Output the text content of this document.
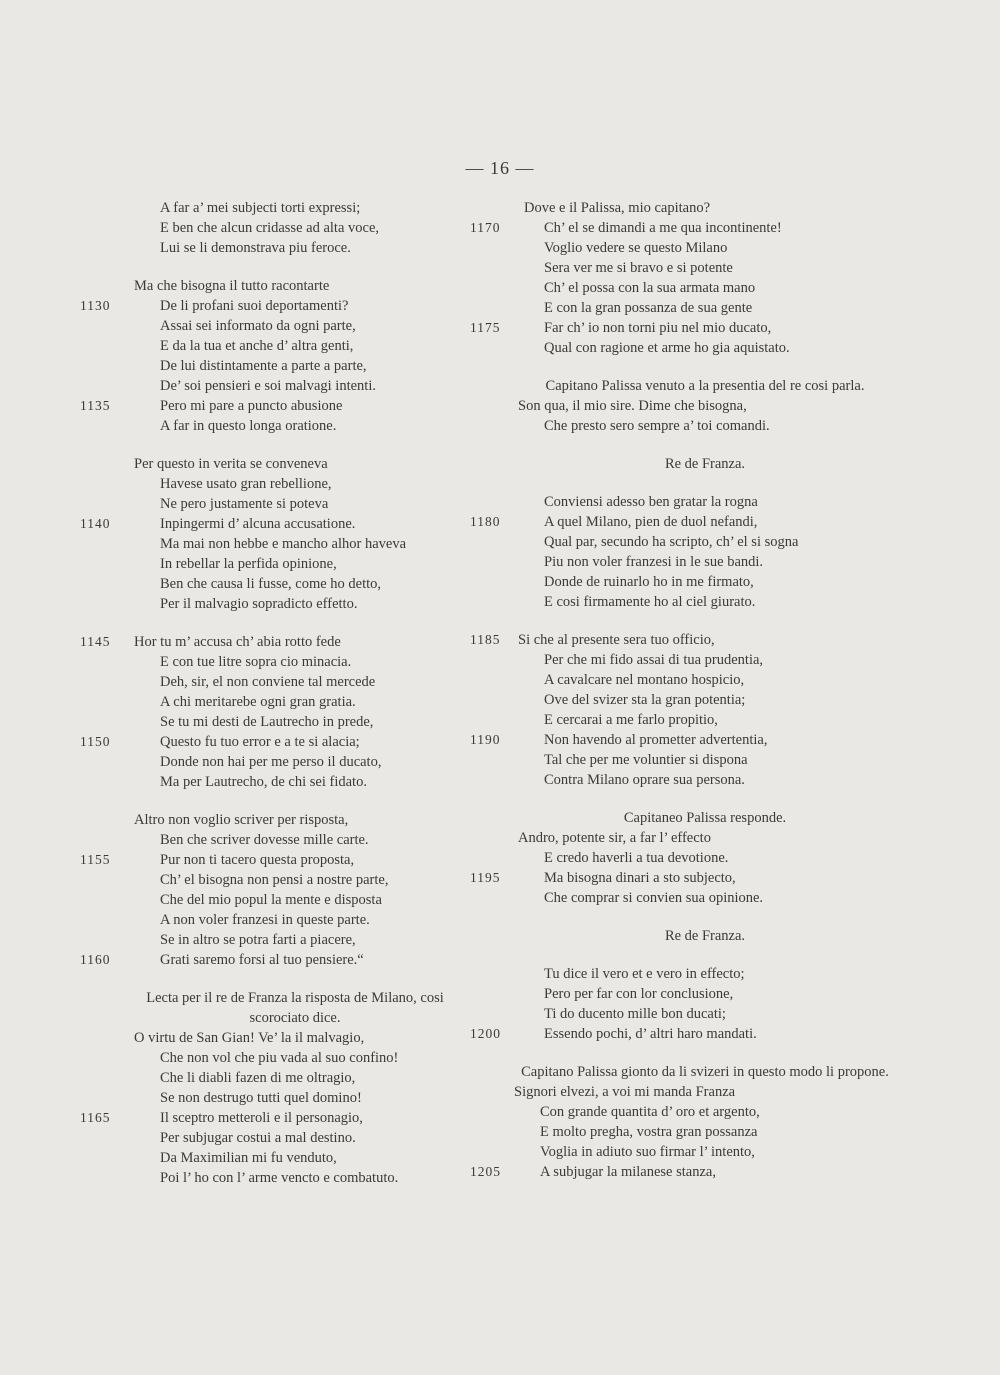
— 16 —
A far a’ mei subjecti torti expressi;
E ben che alcun cridasse ad alta voce,
Lui se li demonstrava piu feroce.
Ma che bisogna il tutto racontarte
1130	De li profani suoi deportamenti?
Assai sei informato da ogni parte,
E da la tua et anche d’ altra genti,
De lui distintamente a parte a parte,
De’ soi pensieri e soi malvagi intenti.
1135	Pero mi pare a puncto abusione
A far in questo longa oratione.
Per questo in verita se conveneva
Havese usato gran rebellione,
Ne pero justamente si poteva
1140	Inpingermi d’ alcuna accusatione.
Ma mai non hebbe e mancho alhor haveva
In rebellar la perfida opinione,
Ben che causa li fusse, come ho detto,
Per il malvagio sopradicto effetto.
1145	Hor tu m’ accusa ch’ abia rotto fede
E con tue litre sopra cio minacia.
Deh, sir, el non conviene tal mercede
A chi meritarebe ogni gran gratia.
Se tu mi desti de Lautrecho in prede,
1150	Questo fu tuo error e a te si alacia;
Donde non hai per me perso il ducato,
Ma per Lautrecho, de chi sei fidato.
Altro non voglio scriver per risposta,
Ben che scriver dovesse mille carte.
1155	Pur non ti tacero questa proposta,
Ch’ el bisogna non pensi a nostre parte,
Che del mio popul la mente e disposta
A non voler franzesi in queste parte.
Se in altro se potra farti a piacere,
1160	Grati saremo forsi al tuo pensiere.“
Lecta per il re de Franza la risposta de Milano, cosi scorociato dice.
O virtu de San Gian! Ve’ la il malvagio,
Che non vol che piu vada al suo confino!
Che li diabli fazen di me oltragio,
Se non destrugo tutti quel domino!
1165	Il sceptro metteroli e il personagio,
Per subjugar costui a mal destino.
Da Maximilian mi fu venduto,
Poi l’ ho con l’ arme vencto e combatuto.
Dove e il Palissa, mio capitano?
1170	Ch’ el se dimandi a me qua incontinente!
Voglio vedere se questo Milano
Sera ver me si bravo e si potente
Ch’ el possa con la sua armata mano
E con la gran possanza de sua gente
1175	Far ch’ io non torni piu nel mio ducato,
Qual con ragione et arme ho gia aquistato.
Capitano Palissa venuto a la presentia del re cosi parla.
Son qua, il mio sire. Dime che bisogna,
Che presto sero sempre a’ toi comandi.
Re de Franza.
Conviensi adesso ben gratar la rogna
1180	A quel Milano, pien de duol nefandi,
Qual par, secundo ha scripto, ch’ el si sogna
Piu non voler franzesi in le sue bandi.
Donde de ruinarlo ho in me firmato,
E cosi firmamente ho al ciel giurato.
1185	Si che al presente sera tuo officio,
Per che mi fido assai di tua prudentia,
A cavalcare nel montano hospicio,
Ove del svizer sta la gran potentia;
E cercarai a me farlo propitio,
1190	Non havendo al prometter advertentia,
Tal che per me voluntier si dispona
Contra Milano oprare sua persona.
Capitaneo Palissa responde.
Andro, potente sir, a far l’ effecto
E credo haverli a tua devotione.
1195	Ma bisogna dinari a sto subjecto,
Che comprar si convien sua opinione.
Re de Franza.
Tu dice il vero et e vero in effecto;
Pero per far con lor conclusione,
Ti do ducento mille bon ducati;
1200	Essendo pochi, d’ altri haro mandati.
Capitano Palissa gionto da li svizeri in questo modo li propone.
Signori elvezi, a voi mi manda Franza
Con grande quantita d’ oro et argento,
E molto pregha, vostra gran possanza
Voglia in adiuto suo firmar l’ intento,
1205	A subjugar la milanese stanza,
